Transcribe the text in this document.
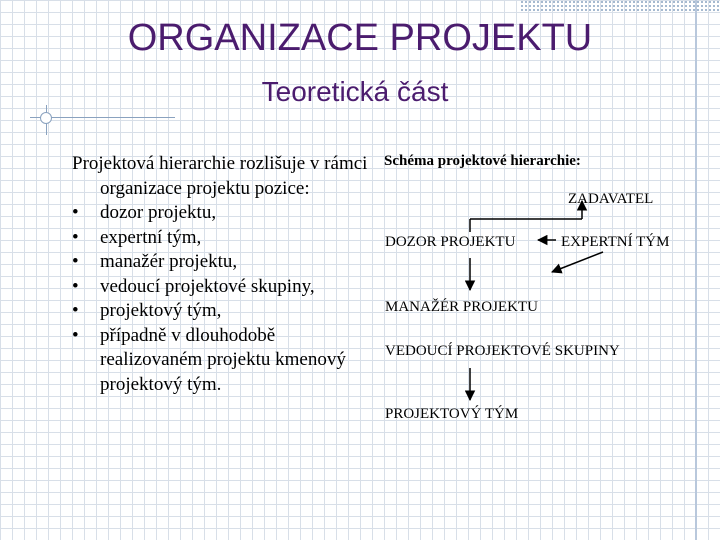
ORGANIZACE PROJEKTU
Teoretická část

Projektová hierarchie rozlišuje v rámci organizace projektu pozice:

• dozor projektu,
• expertní tým,
• manažér projektu,
• vedoucí projektové skupiny,
• projektový tým,
• případně v dlouhodobě realizovaném projektu kmenový projektový tým.
Schéma projektové hierarchie:
ZADAVATEL
DOZOR PROJEKTU	EXPERTNÍ TÝM
MANAŽÉR PROJEKTU
VEDOUCÍ PROJEKTOVÉ SKUPINY
PROJEKTOVÝ TÝM
